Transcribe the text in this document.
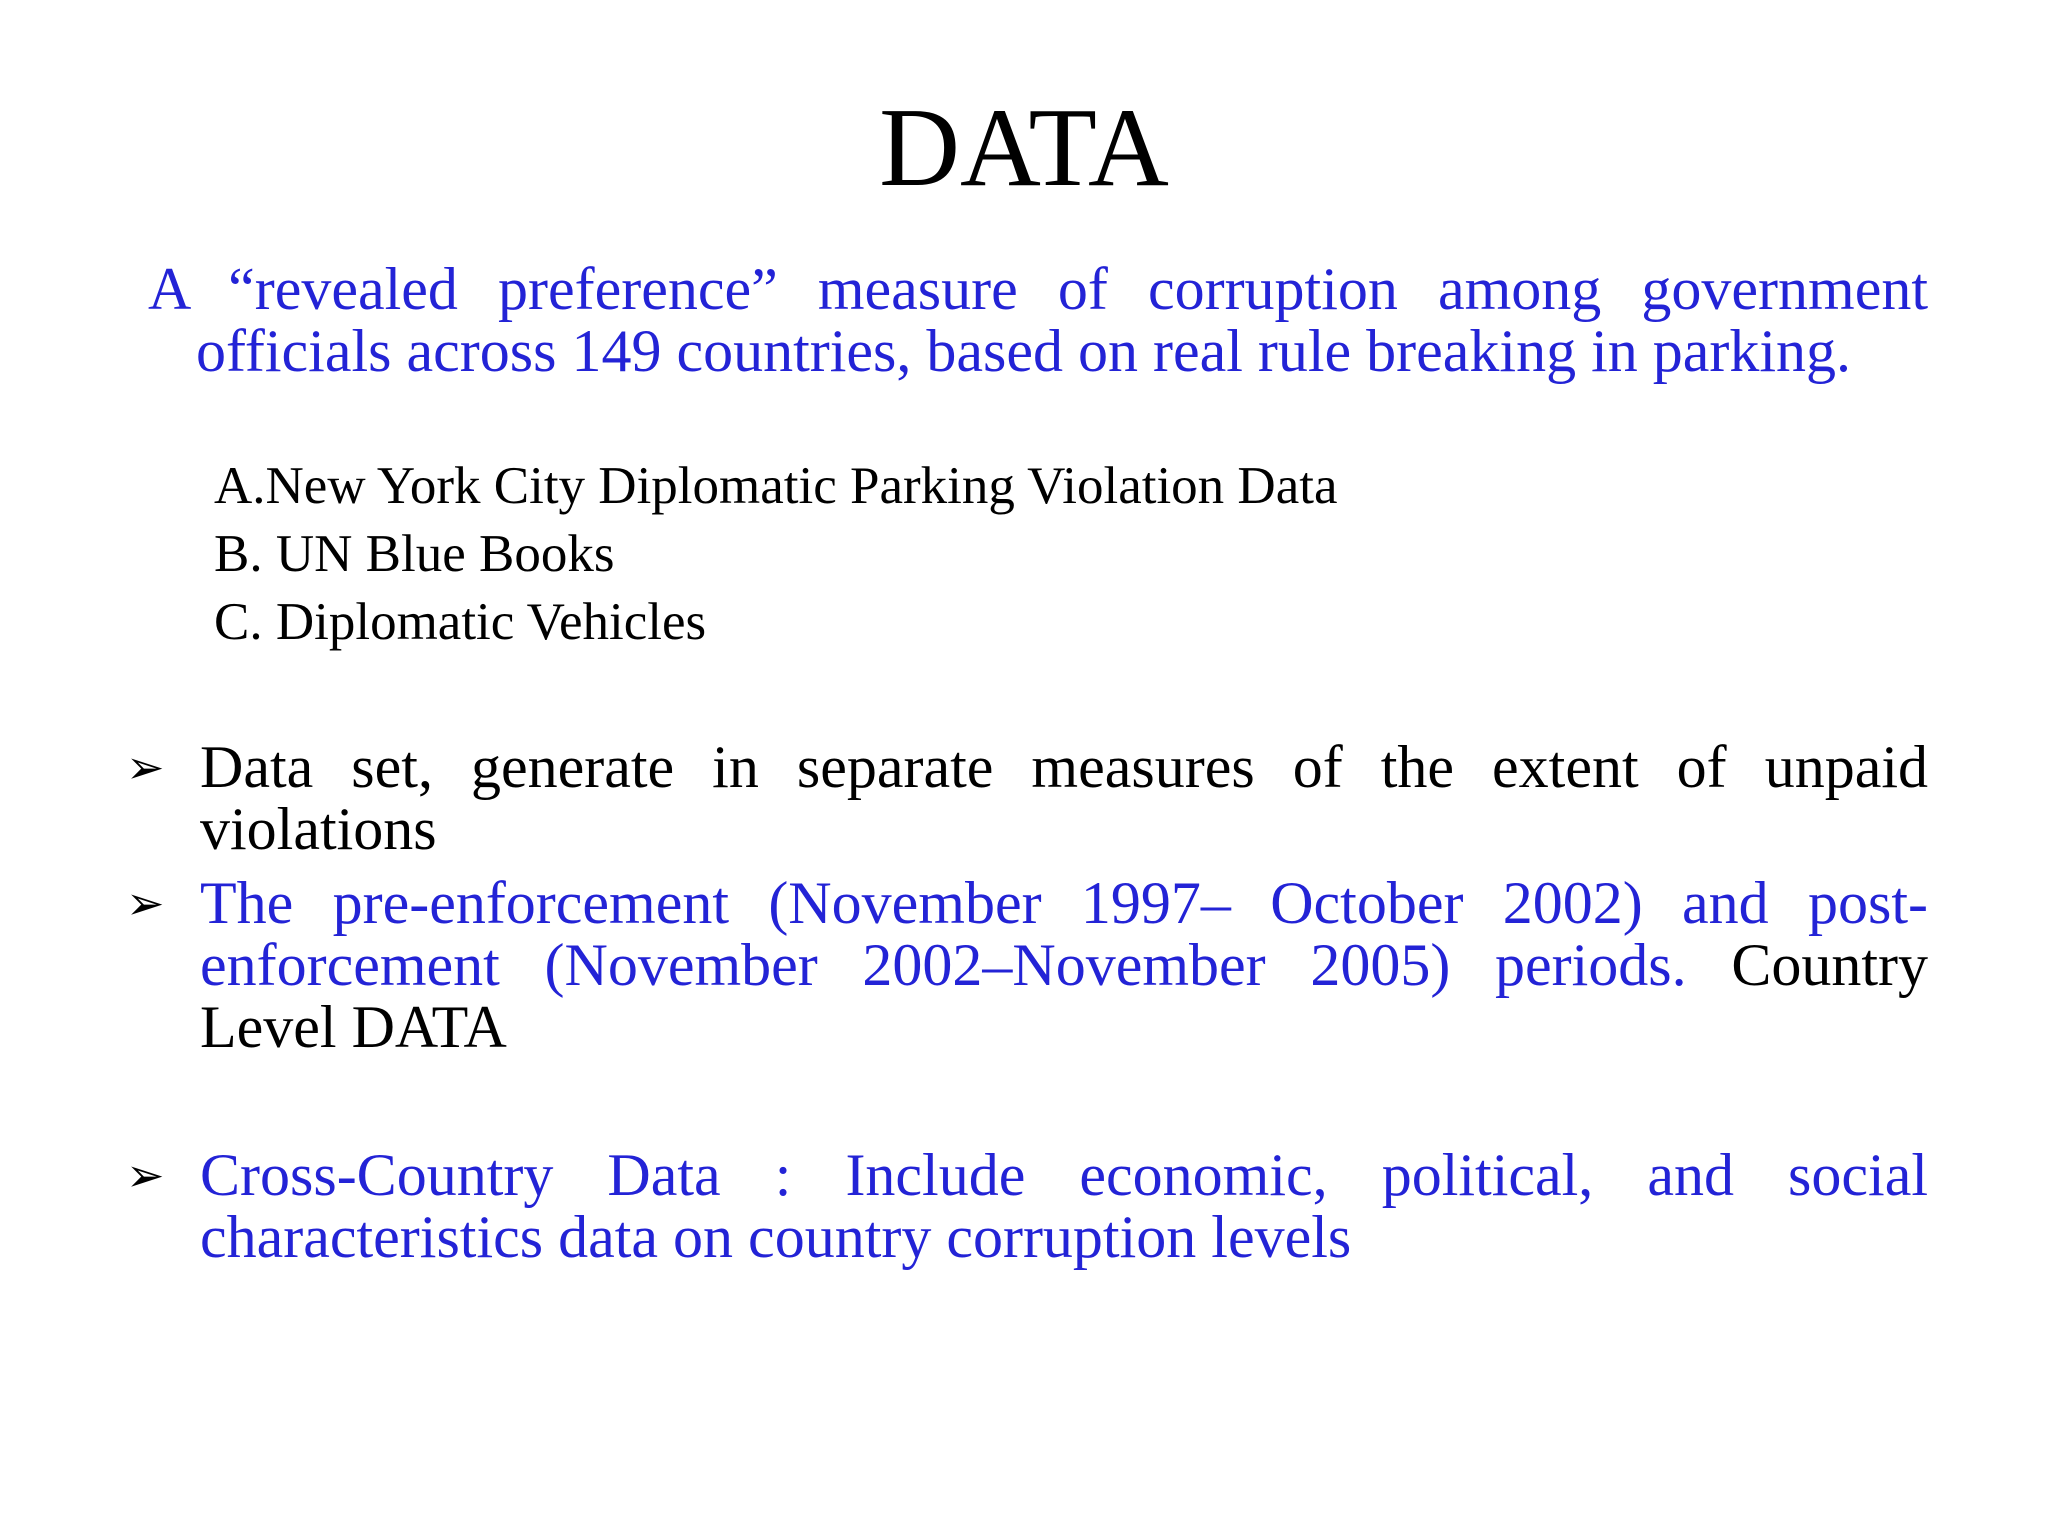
DATA
A “revealed preference” measure of corruption among government officials across 149 countries, based on real rule breaking in parking.
A.New York City Diplomatic Parking Violation Data
B. UN Blue Books
C. Diplomatic Vehicles
➢ Data set, generate in separate measures of the extent of unpaid violations
➢ The pre-enforcement (November 1997– October 2002) and post-enforcement (November 2002–November 2005) periods. Country Level DATA
➢ Cross-Country Data : Include economic, political, and social characteristics data on country corruption levels
